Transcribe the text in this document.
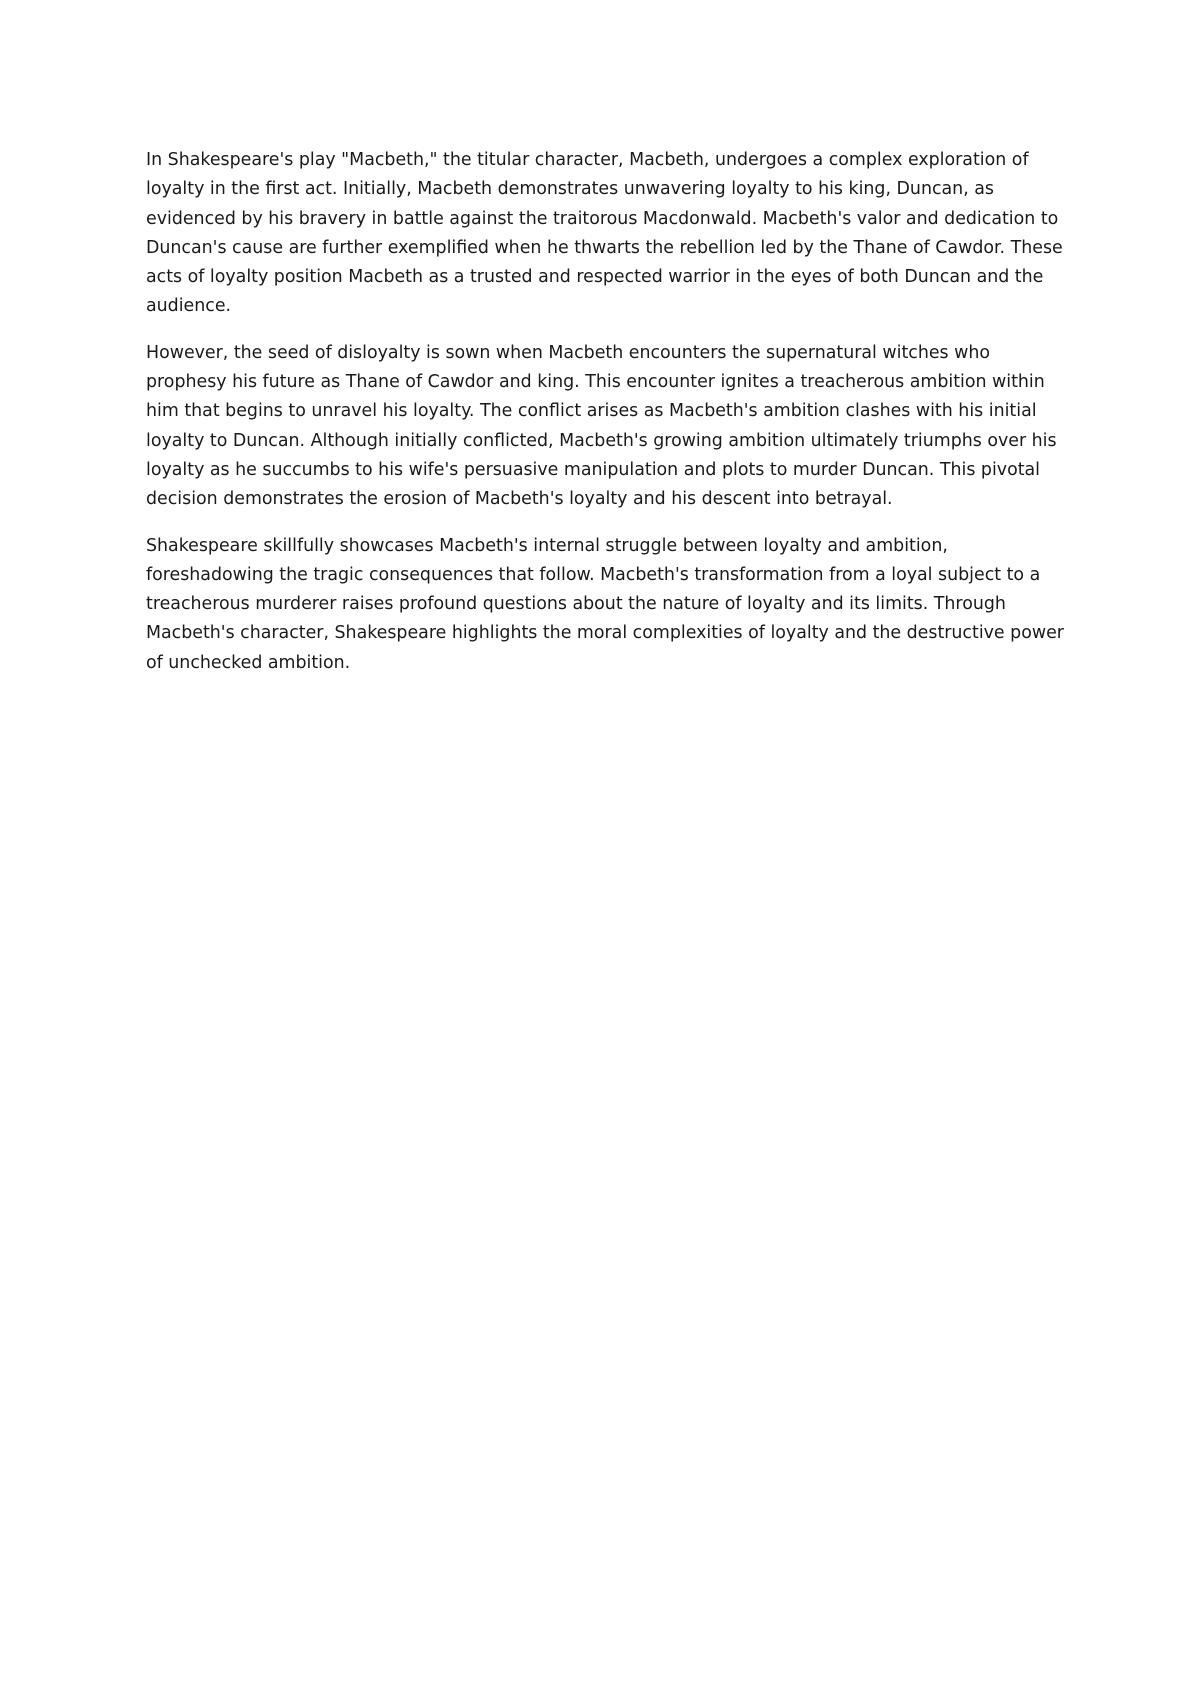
In Shakespeare's play "Macbeth," the titular character, Macbeth, undergoes a complex exploration of loyalty in the first act. Initially, Macbeth demonstrates unwavering loyalty to his king, Duncan, as evidenced by his bravery in battle against the traitorous Macdonwald. Macbeth's valor and dedication to Duncan's cause are further exemplified when he thwarts the rebellion led by the Thane of Cawdor. These acts of loyalty position Macbeth as a trusted and respected warrior in the eyes of both Duncan and the audience.

However, the seed of disloyalty is sown when Macbeth encounters the supernatural witches who prophesy his future as Thane of Cawdor and king. This encounter ignites a treacherous ambition within him that begins to unravel his loyalty. The conflict arises as Macbeth's ambition clashes with his initial loyalty to Duncan. Although initially conflicted, Macbeth's growing ambition ultimately triumphs over his loyalty as he succumbs to his wife's persuasive manipulation and plots to murder Duncan. This pivotal decision demonstrates the erosion of Macbeth's loyalty and his descent into betrayal.

Shakespeare skillfully showcases Macbeth's internal struggle between loyalty and ambition, foreshadowing the tragic consequences that follow. Macbeth's transformation from a loyal subject to a treacherous murderer raises profound questions about the nature of loyalty and its limits. Through Macbeth's character, Shakespeare highlights the moral complexities of loyalty and the destructive power of unchecked ambition.
